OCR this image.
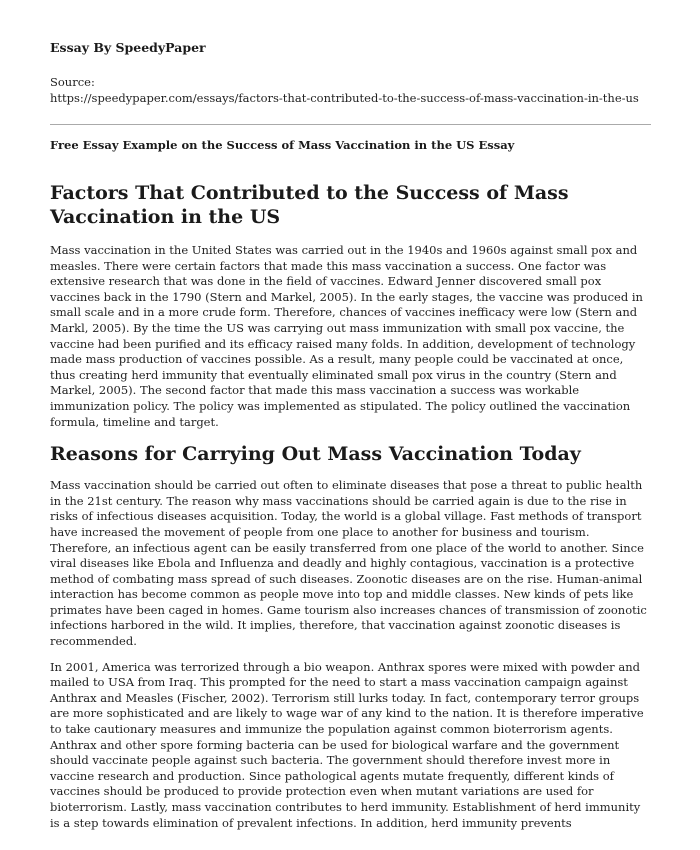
Essay By SpeedyPaper
Source:
https://speedypaper.com/essays/factors-that-contributed-to-the-success-of-mass-vaccination-in-the-us
Free Essay Example on the Success of Mass Vaccination in the US Essay
Factors That Contributed to the Success of Mass Vaccination in the US

Mass vaccination in the United States was carried out in the 1940s and 1960s against small pox and measles. There were certain factors that made this mass vaccination a success. One factor was extensive research that was done in the field of vaccines. Edward Jenner discovered small pox vaccines back in the 1790 (Stern and Markel, 2005). In the early stages, the vaccine was produced in small scale and in a more crude form. Therefore, chances of vaccines inefficacy were low (Stern and Markl, 2005). By the time the US was carrying out mass immunization with small pox vaccine, the vaccine had been purified and its efficacy raised many folds. In addition, development of technology made mass production of vaccines possible. As a result, many people could be vaccinated at once, thus creating herd immunity that eventually eliminated small pox virus in the country (Stern and Markel, 2005). The second factor that made this mass vaccination a success was workable immunization policy. The policy was implemented as stipulated. The policy outlined the vaccination formula, timeline and target.

Reasons for Carrying Out Mass Vaccination Today

Mass vaccination should be carried out often to eliminate diseases that pose a threat to public health in the 21st century. The reason why mass vaccinations should be carried again is due to the rise in risks of infectious diseases acquisition. Today, the world is a global village. Fast methods of transport have increased the movement of people from one place to another for business and tourism. Therefore, an infectious agent can be easily transferred from one place of the world to another. Since viral diseases like Ebola and Influenza and deadly and highly contagious, vaccination is a protective method of combating mass spread of such diseases. Zoonotic diseases are on the rise. Human-animal interaction has become common as people move into top and middle classes. New kinds of pets like primates have been caged in homes. Game tourism also increases chances of transmission of zoonotic infections harbored in the wild. It implies, therefore, that vaccination against zoonotic diseases is recommended.

In 2001, America was terrorized through a bio weapon. Anthrax spores were mixed with powder and mailed to USA from Iraq. This prompted for the need to start a mass vaccination campaign against Anthrax and Measles (Fischer, 2002). Terrorism still lurks today. In fact, contemporary terror groups are more sophisticated and are likely to wage war of any kind to the nation. It is therefore imperative to take cautionary measures and immunize the population against common bioterrorism agents. Anthrax and other spore forming bacteria can be used for biological warfare and the government should vaccinate people against such bacteria. The government should therefore invest more in vaccine research and production. Since pathological agents mutate frequently, different kinds of vaccines should be produced to provide protection even when mutant variations are used for bioterrorism. Lastly, mass vaccination contributes to herd immunity. Establishment of herd immunity is a step towards elimination of prevalent infections. In addition, herd immunity prevents
